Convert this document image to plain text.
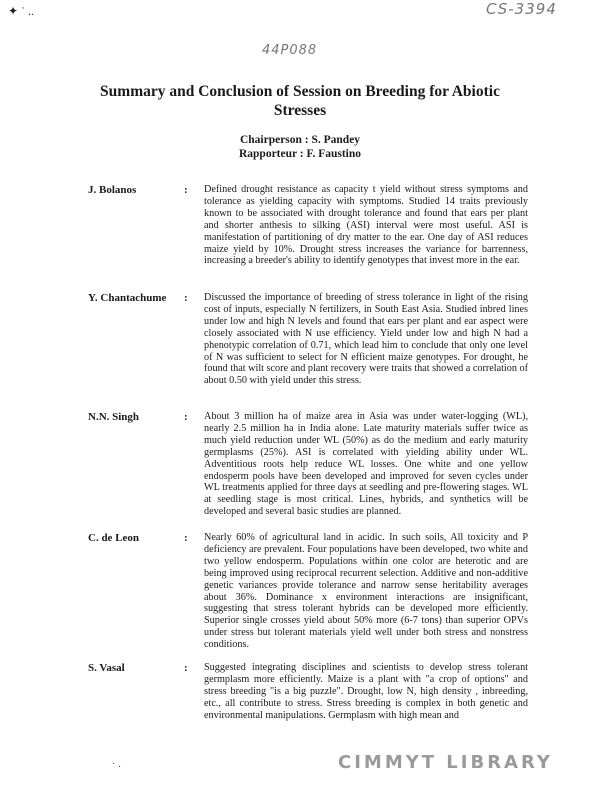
✦ ˙ ..	CS-3394
44P088
Summary and Conclusion of Session on Breeding for Abiotic Stresses
Chairperson : S. Pandey
Rapporteur : F. Faustino
J. Bolanos	: Defined drought resistance as capacity t yield without stress symptoms and tolerance as yielding capacity with symptoms. Studied 14 traits previously known to be associated with drought tolerance and found that ears per plant and shorter anthesis to silking (ASI) interval were most useful. ASI is manifestation of partitioning of dry matter to the ear. One day of ASI reduces maize yield by 10%. Drought stress increases the variance for barrenness, increasing a breeder's ability to identify genotypes that invest more in the ear.
Y. Chantachume	: Discussed the importance of breeding of stress tolerance in light of the rising cost of inputs, especially N fertilizers, in South East Asia. Studied inbred lines under low and high N levels and found that ears per plant and ear aspect were closely associated with N use efficiency. Yield under low and high N had a phenotypic correlation of 0.71, which lead him to conclude that only one level of N was sufficient to select for N efficient maize genotypes. For drought, he found that wilt score and plant recovery were traits that showed a correlation of about 0.50 with yield under this stress.
N.N. Singh	: About 3 million ha of maize area in Asia was under water-logging (WL), nearly 2.5 million ha in India alone. Late maturity materials suffer twice as much yield reduction under WL (50%) as do the medium and early maturity germplasms (25%). ASI is correlated with yielding ability under WL. Adventitious roots help reduce WL losses. One white and one yellow endosperm pools have been developed and improved for seven cycles under WL treatments applied for three days at seedling and pre-flowering stages. WL at seedling stage is most critical. Lines, hybrids, and synthetics will be developed and several basic studies are planned.
C. de Leon	: Nearly 60% of agricultural land in acidic. In such soils, All toxicity and P deficiency are prevalent. Four populations have been developed, two white and two yellow endosperm. Populations within one color are heterotic and are being improved using reciprocal recurrent selection. Additive and non-additive genetic variances provide tolerance and narrow sense heritability averages about 36%. Dominance x environment interactions are insignificant, suggesting that stress tolerant hybrids can be developed more efficiently. Superior single crosses yield about 50% more (6-7 tons) than superior OPVs under stress but tolerant materials yield well under both stress and nonstress conditions.
S. Vasal	: Suggested integrating disciplines and scientists to develop stress tolerant germplasm more efficiently. Maize is a plant with "a crop of options" and stress breeding "is a big puzzle". Drought, low N, high density , inbreeding, etc., all contribute to stress. Stress breeding is complex in both genetic and environmental manipulations. Germplasm with high mean and
˙ ·	CIMMYT LIBRARY
